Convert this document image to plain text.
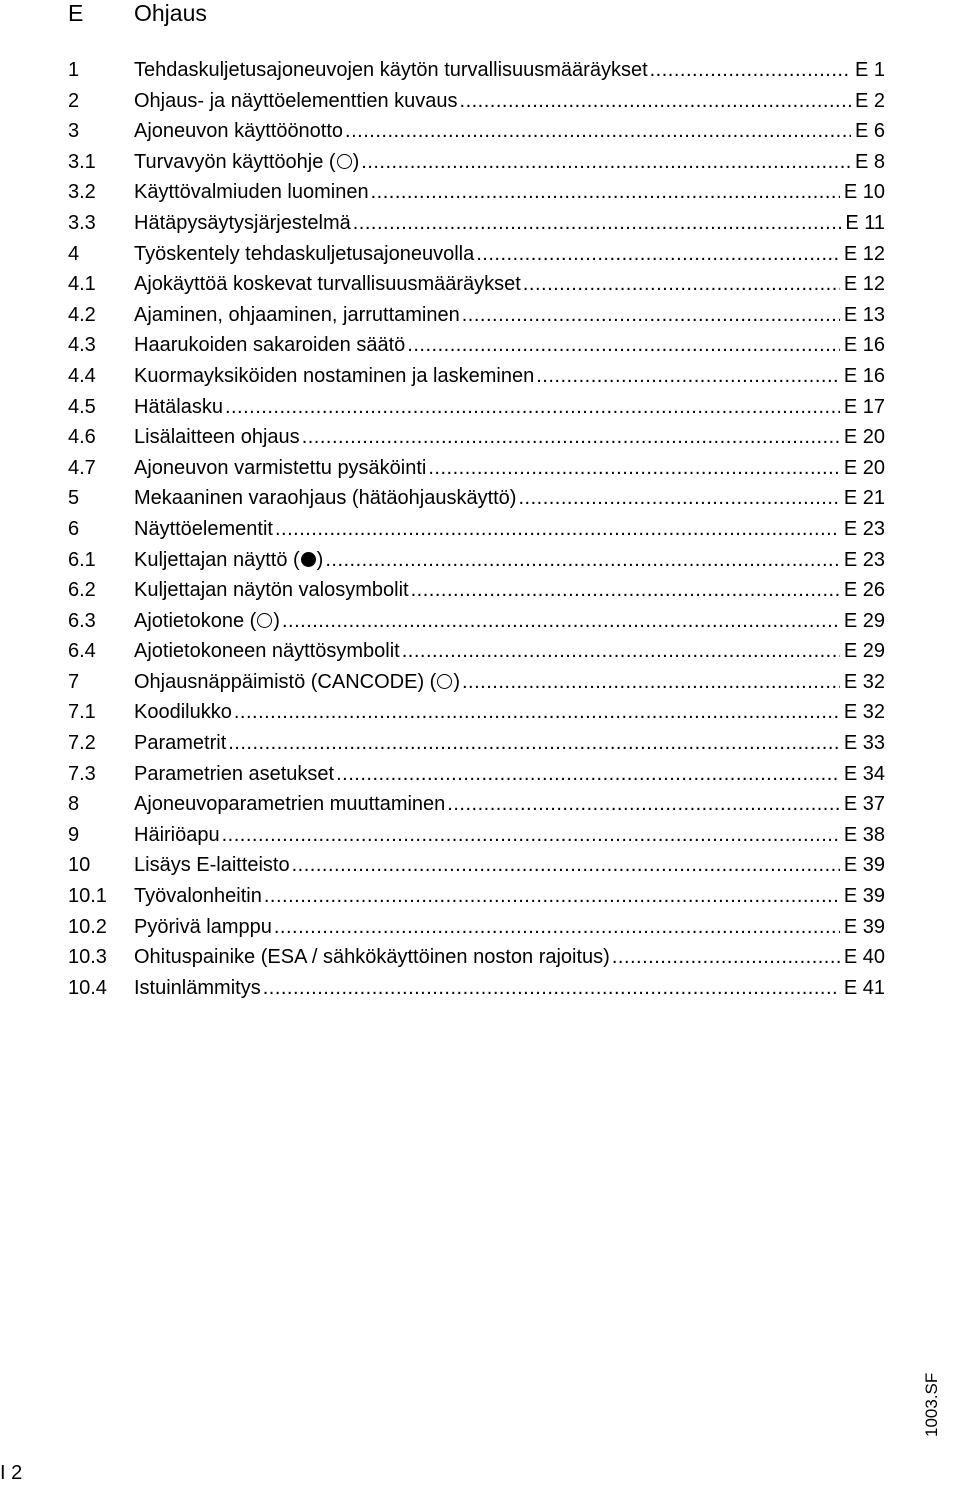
E Ohjaus
1	Tehdaskuljetusajoneuvojen käytön turvallisuusmääräykset .....	E 1
2	Ohjaus- ja näyttöelementtien kuvaus .....	E 2
3	Ajoneuvon käyttöönotto .....	E 6
3.1	Turvavyön käyttöohje ( ) .....	E 8
3.2	Käyttövalmiuden luominen .....	E 10
3.3	Hätäpysäytysjärjestelmä .....	E 11
4	Työskentely tehdaskuljetusajoneuvolla .....	E 12
4.1	Ajokäyttöä koskevat turvallisuusmääräykset .....	E 12
4.2	Ajaminen, ohjaaminen, jarruttaminen .....	E 13
4.3	Haarukoiden sakaroiden säätö .....	E 16
4.4	Kuormayksiköiden nostaminen ja laskeminen .....	E 16
4.5	Hätälasku .....	E 17
4.6	Lisälaitteen ohjaus .....	E 20
4.7	Ajoneuvon varmistettu pysäköinti .....	E 20
5	Mekaaninen varaohjaus (hätäohjauskäyttö) .....	E 21
6	Näyttöelementit .....	E 23
6.1	Kuljettajan näyttö ( ) .....	E 23
6.2	Kuljettajan näytön valosymbolit .....	E 26
6.3	Ajotietokone ( ) .....	E 29
6.4	Ajotietokoneen näyttösymbolit .....	E 29
7	Ohjausnäppäimistö (CANCODE) ( ) .....	E 32
7.1	Koodilukko .....	E 32
7.2	Parametrit .....	E 33
7.3	Parametrien asetukset .....	E 34
8	Ajoneuvoparametrien muuttaminen .....	E 37
9	Häiriöapu .....	E 38
10	Lisäys E-laitteisto .....	E 39
10.1	Työvalonheitin .....	E 39
10.2	Pyörivä lamppu .....	E 39
10.3	Ohituspainike (ESA / sähkökäyttöinen noston rajoitus) .....	E 40
10.4	Istuinlämmitys .....	E 41
1003.SF
I 2
